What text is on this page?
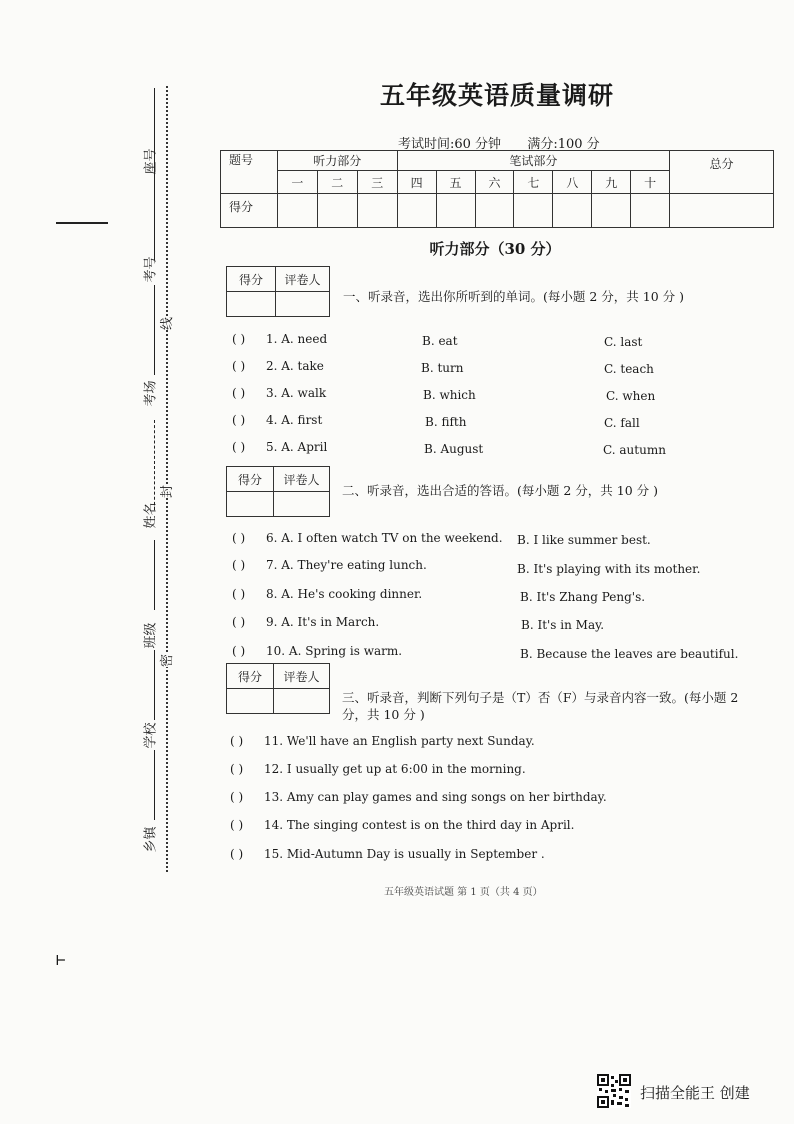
座号
考号
考场
姓名
班级
学校
乡镇
线
封
密
五年级英语质量调研
考试时间:60 分钟 满分:100 分
题号	听力部分			笔试部分							总分
	一	二	三	四	五	六	七	八	九	十	
得分											
听力部分（30 分）
得分	评卷人

一、听录音，选出你所听到的单词。(每小题 2 分，共 10 分 )
( ) 1. A. need	B. eat	C. last
( ) 2. A. take	B. turn	C. teach
( ) 3. A. walk	B. which	C. when
( ) 4. A. first	B. fifth	C. fall
( ) 5. A. April	B. August	C. autumn
得分	评卷人

二、听录音，选出合适的答语。(每小题 2 分，共 10 分 )
( ) 6. A. I often watch TV on the weekend. B. I like summer best.
( ) 7. A. They're eating lunch.	B. It's playing with its mother.
( ) 8. A. He's cooking dinner.	B. It's Zhang Peng's.
( ) 9. A. It's in March.	B. It's in May.
( ) 10. A. Spring is warm.	B. Because the leaves are beautiful.
得分	评卷人

三、听录音，判断下列句子是（T）否（F）与录音内容一致。(每小题 2
分，共 10 分 )
( ) 11. We'll have an English party next Sunday.
( ) 12. I usually get up at 6:00 in the morning.
( ) 13. Amy can play games and sing songs on her birthday.
( ) 14. The singing contest is on the third day in April.
( ) 15. Mid-Autumn Day is usually in September .
五年级英语试题 第 1 页（共 4 页）
⊢
扫描全能王 创建
